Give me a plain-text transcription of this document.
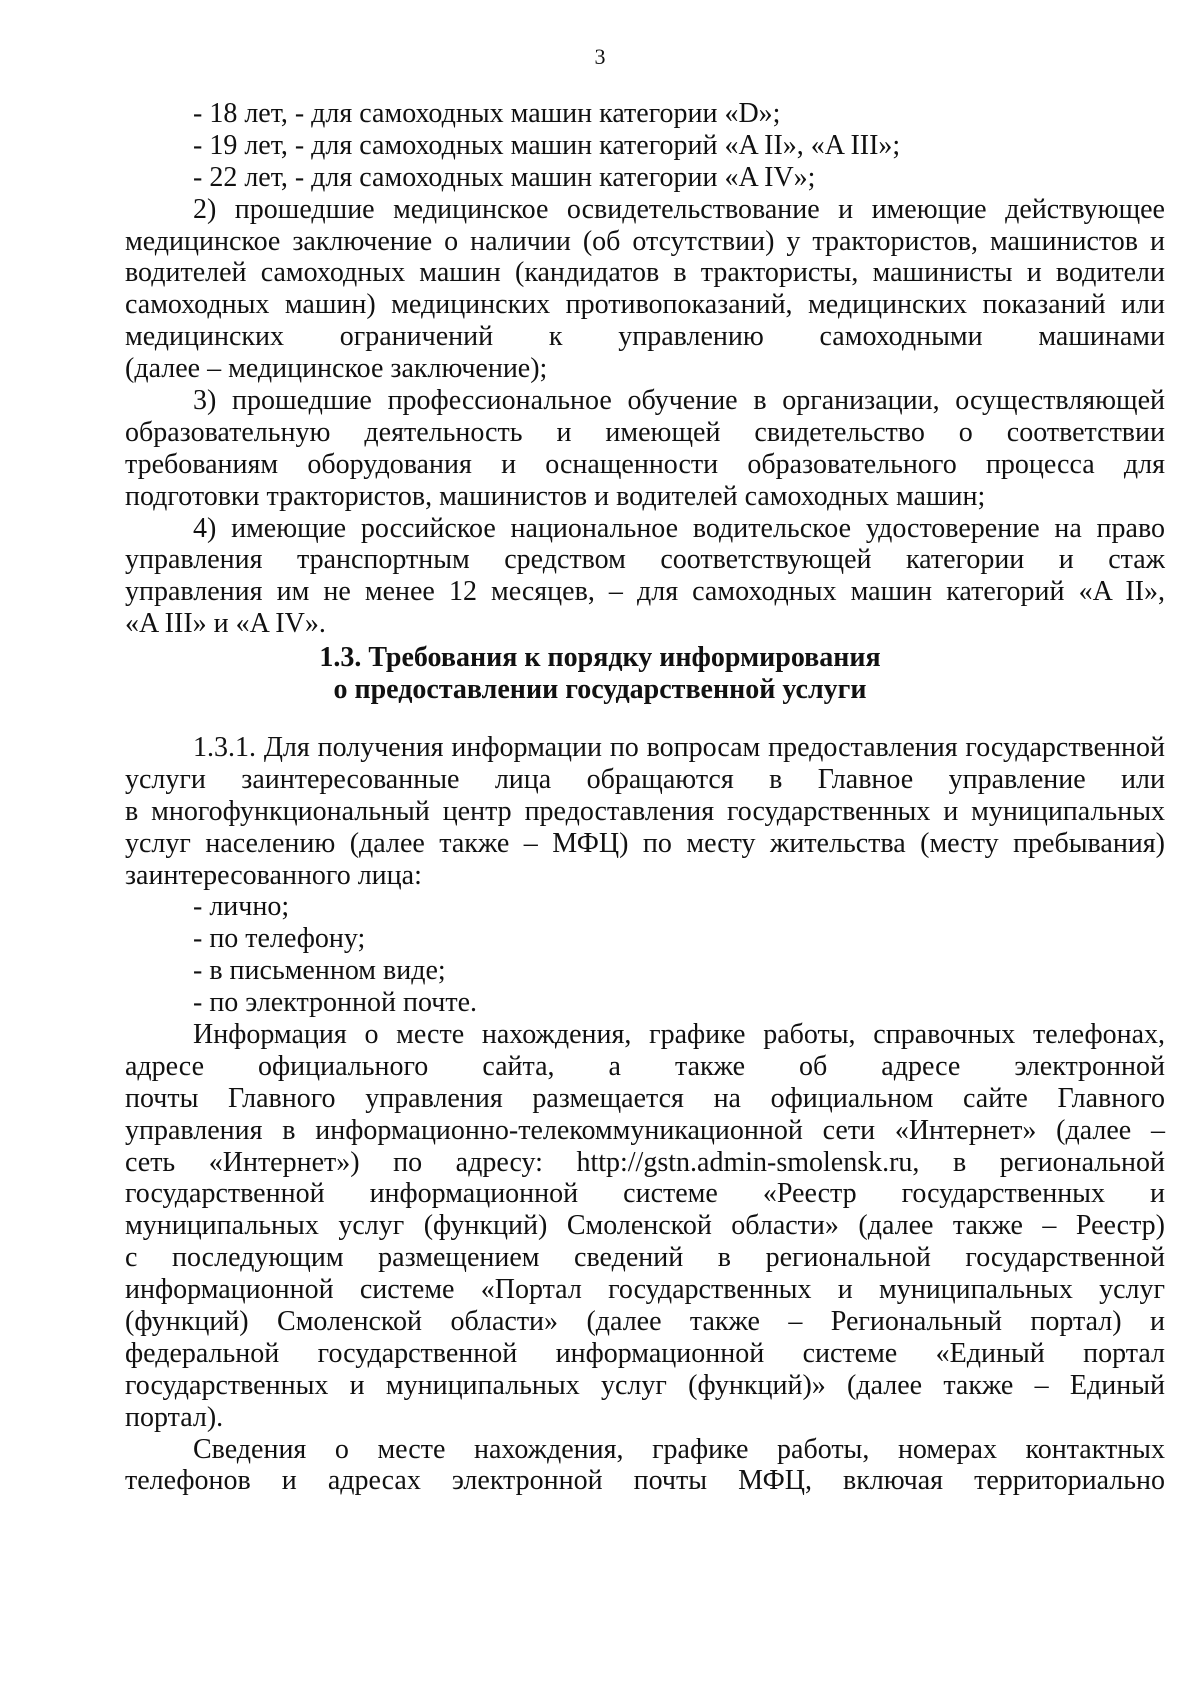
3
- 18 лет, - для самоходных машин категории «D»;
- 19 лет, - для самоходных машин категорий «A II», «A III»;
- 22 лет, - для самоходных машин категории «A IV»;
2) прошедшие медицинское освидетельствование и имеющие действующее
медицинское заключение о наличии (об отсутствии) у трактористов, машинистов и
водителей самоходных машин (кандидатов в трактористы, машинисты и водители
самоходных машин) медицинских противопоказаний, медицинских показаний или
медицинских ограничений к управлению самоходными машинами
(далее – медицинское заключение);
3) прошедшие профессиональное обучение в организации, осуществляющей
образовательную деятельность и имеющей свидетельство о соответствии
требованиям оборудования и оснащенности образовательного процесса для
подготовки трактористов, машинистов и водителей самоходных машин;
4) имеющие российское национальное водительское удостоверение на право
управления транспортным средством соответствующей категории и стаж
управления им не менее 12 месяцев, – для самоходных машин категорий «A II»,
«A III» и «A IV».
1.3. Требования к порядку информирования
о предоставлении государственной услуги
1.3.1. Для получения информации по вопросам предоставления государственной
услуги заинтересованные лица обращаются в Главное управление или
в многофункциональный центр предоставления государственных и муниципальных
услуг населению (далее также – МФЦ) по месту жительства (месту пребывания)
заинтересованного лица:
- лично;
- по телефону;
- в письменном виде;
- по электронной почте.
Информация о месте нахождения, графике работы, справочных телефонах,
адресе официального сайта, а также об адресе электронной
почты Главного управления размещается на официальном сайте Главного
управления в информационно-телекоммуникационной сети «Интернет» (далее –
сеть «Интернет») по адресу: http://gstn.admin-smolensk.ru, в региональной
государственной информационной системе «Реестр государственных и
муниципальных услуг (функций) Смоленской области» (далее также – Реестр)
с последующим размещением сведений в региональной государственной
информационной системе «Портал государственных и муниципальных услуг
(функций) Смоленской области» (далее также – Региональный портал) и
федеральной государственной информационной системе «Единый портал
государственных и муниципальных услуг (функций)» (далее также – Единый
портал).
Сведения о месте нахождения, графике работы, номерах контактных
телефонов и адресах электронной почты МФЦ, включая территориально
